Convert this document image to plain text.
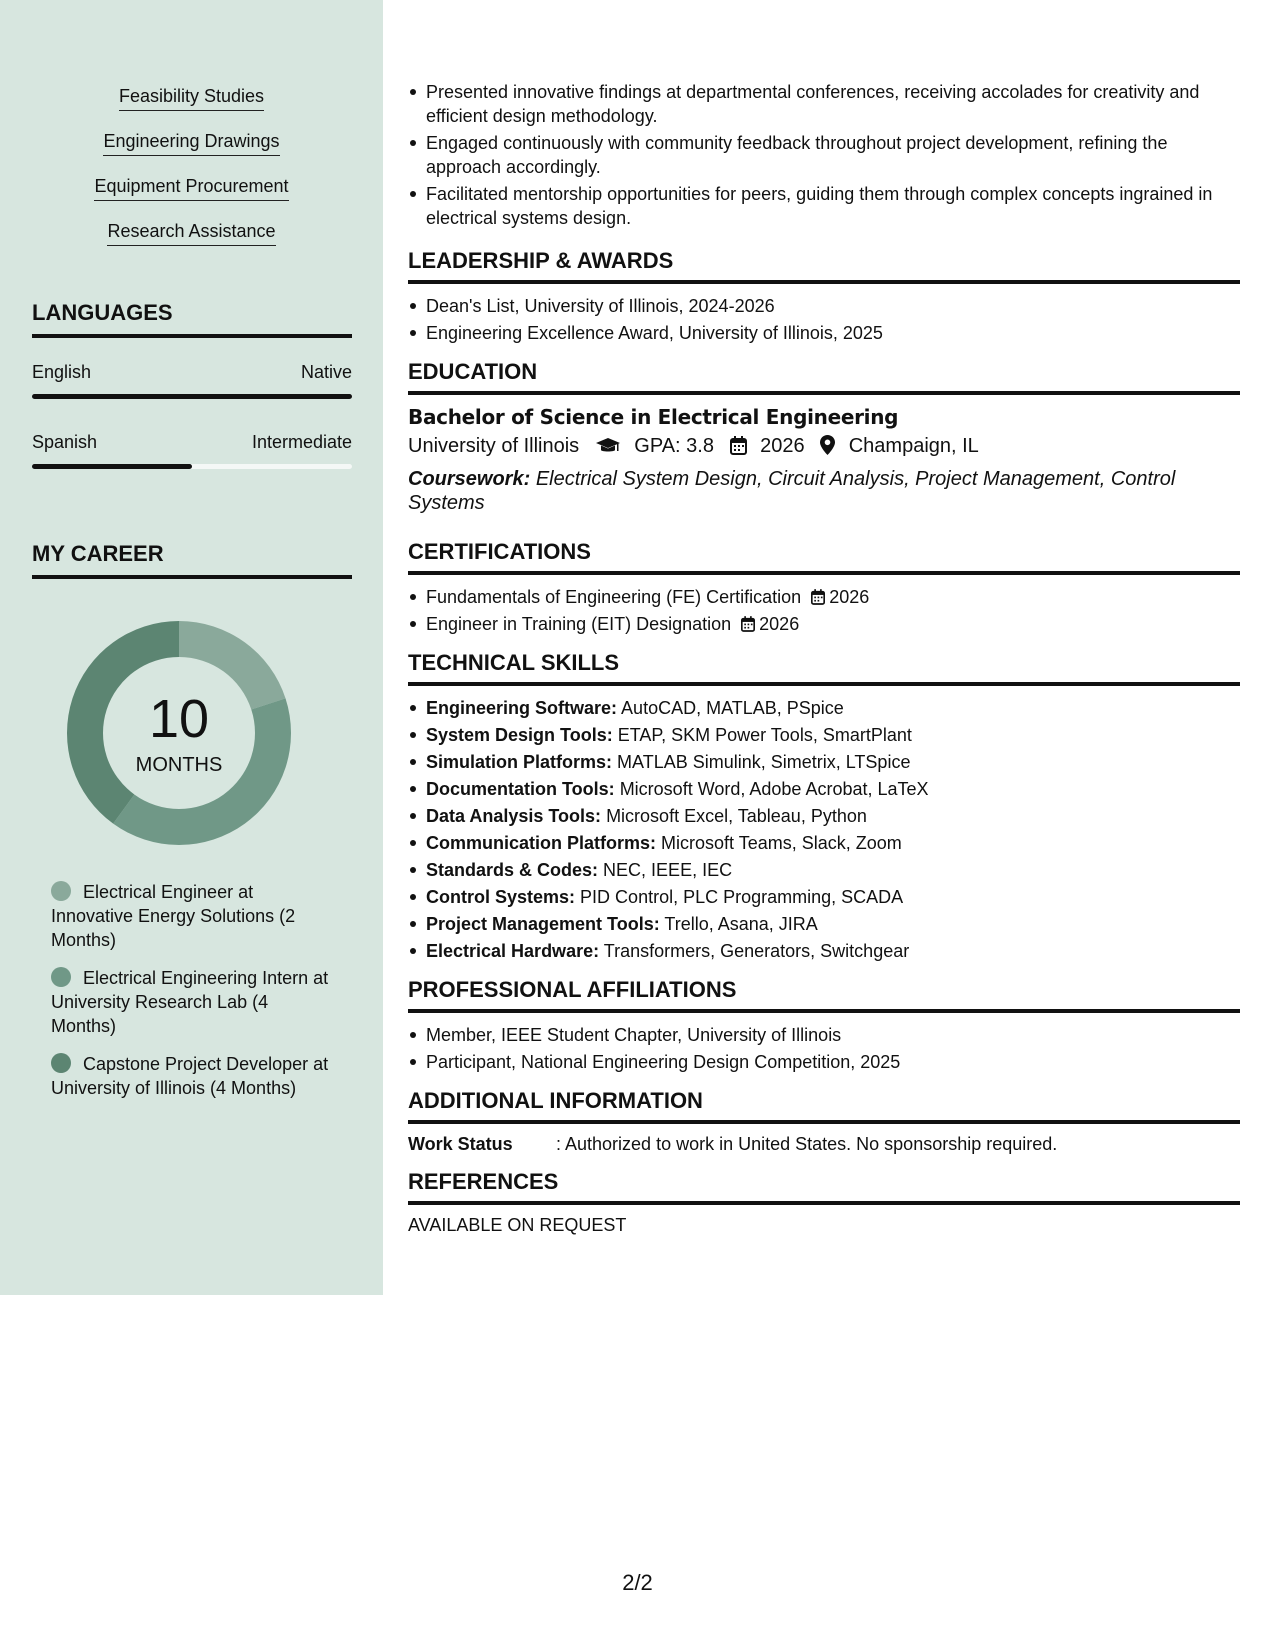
Feasibility Studies
Engineering Drawings
Equipment Procurement
Research Assistance
LANGUAGES
English	Native
Spanish	Intermediate
MY CAREER
10
MONTHS
Electrical Engineer at Innovative Energy Solutions (2 Months)
Electrical Engineering Intern at University Research Lab (4 Months)
Capstone Project Developer at University of Illinois (4 Months)
Presented innovative findings at departmental conferences, receiving accolades for creativity and efficient design methodology.
Engaged continuously with community feedback throughout project development, refining the approach accordingly.
Facilitated mentorship opportunities for peers, guiding them through complex concepts ingrained in electrical systems design.
LEADERSHIP & AWARDS
Dean's List, University of Illinois, 2024-2026
Engineering Excellence Award, University of Illinois, 2025
EDUCATION
Bachelor of Science in Electrical Engineering
University of Illinois	GPA: 3.8 2026 Champaign, IL
Coursework: Electrical System Design, Circuit Analysis, Project Management, Control Systems
CERTIFICATIONS
Fundamentals of Engineering (FE) Certification 2026
Engineer in Training (EIT) Designation 2026
TECHNICAL SKILLS
Engineering Software: AutoCAD, MATLAB, PSpice
System Design Tools: ETAP, SKM Power Tools, SmartPlant
Simulation Platforms: MATLAB Simulink, Simetrix, LTSpice
Documentation Tools: Microsoft Word, Adobe Acrobat, LaTeX
Data Analysis Tools: Microsoft Excel, Tableau, Python
Communication Platforms: Microsoft Teams, Slack, Zoom
Standards & Codes: NEC, IEEE, IEC
Control Systems: PID Control, PLC Programming, SCADA
Project Management Tools: Trello, Asana, JIRA
Electrical Hardware: Transformers, Generators, Switchgear
PROFESSIONAL AFFILIATIONS
Member, IEEE Student Chapter, University of Illinois
Participant, National Engineering Design Competition, 2025
ADDITIONAL INFORMATION
Work Status : Authorized to work in United States. No sponsorship required.
REFERENCES
AVAILABLE ON REQUEST
2/2
